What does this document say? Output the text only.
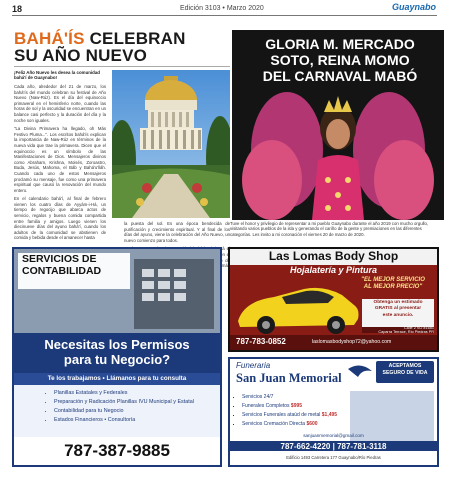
18	Edición 3103 • Marzo 2020	Guaynabo
BAHÁ'ÍS CELEBRAN
SU AÑO NUEVO
¡Feliz Año Nuevo les desea la comunidad bahá'í de Guaynabo!

Cada año, alrededor del 21 de marzo, los bahá'ís del mundo celebran su festival de Año Nuevo (Naw-Rúz). Es el día del equinoccio primaveral en el hemisferio norte, cuando las horas de sol y la oscuridad se encuentran en un balance casi perfecto y la duración del día y la noche son iguales.

"La Divina Primavera ha llegado, oh Más Festivo Pluma...". Los escritos bahá'ís explican la importancia de Naw-Rúz en términos de la nueva vida que trae la primavera. Dicen que el equinoccio es un símbolo de las Manifestaciones de Dios. Mensajeros divinos como Abraham, Krishna, Moisés, Zoroastro, Buda, Jesús, Mahoma, el Báb y Bahá'u'lláh. Cuando cada uno de estos Mensajeros proclamó su mensaje, fue como una primavera espiritual que causó la renovación del mundo entero.

En el calendario bahá'í, al final de febrero vienen los cuatro días de Ayyám-i-Há, un tiempo de regocijo que abarca actos de servicio, regalos y buena comida compartida entre familia y amigos. Luego vienen los diecinueve días del ayuno bahá'í, cuando los adultos de la comunidad se abstienen de comida y bebida desde el amanecer hasta

la puesta del sol. Es una época bendecida de purificación y crecimiento espiritual. Y al final de los días del ayuno, viene la celebración del Año Nuevo, un nuevo comienzo para todos.

en más

GLORIA M. MERCADO
SOTO, REINA MOMO
DEL CARNAVAL MABÓ
Tuve el honor y privilegio de representar a mi pueblo Guaynabo durante el año 2019 con mucho orgullo, visitando varios pueblos de la isla y generando el cariño de la gente y premiaciones en las diferentes categorías. Les invito a mi coronación el viernes 20 de marzo de 2020.
SERVICIOS DE
CONTABILIDAD
Necesitas los Permisos
para tu Negocio?
Te los trabajamos • Llámanos para tu consulta
• Planillas Estatales y Federales
• Preparación y Radicación Planillas IVU Municipal y Estatal
• Contabilidad para tu Negocio
• Estados Financieros • Consultoría
787-387-9885
Las Lomas Body Shop
Hojalatería y Pintura
"EL MEJOR SERVICIO
AL MEJOR PRECIO"
Obtenga un estimado
GRATIS al presentar
este anuncio.
Calle 2 SO #1681
Caparra Terrace, Río Piedras PR
787-783-0852	laslomasbodyshop72@yahoo.com
Funeraria
San Juan Memorial
ACEPTAMOS
SEGURO DE VIDA
▪ Servicios 24/7
▪ Funerales Completos $995
▪ Servicios Funerales ataúd de metal $1,495
▪ Servicios Cremación Directa $600
sanjuanmemorial@gmail.com
787-662-4220 | 787-781-3118
Edificio 1493 Carretera 177 Guaynabo/Río Piedras
